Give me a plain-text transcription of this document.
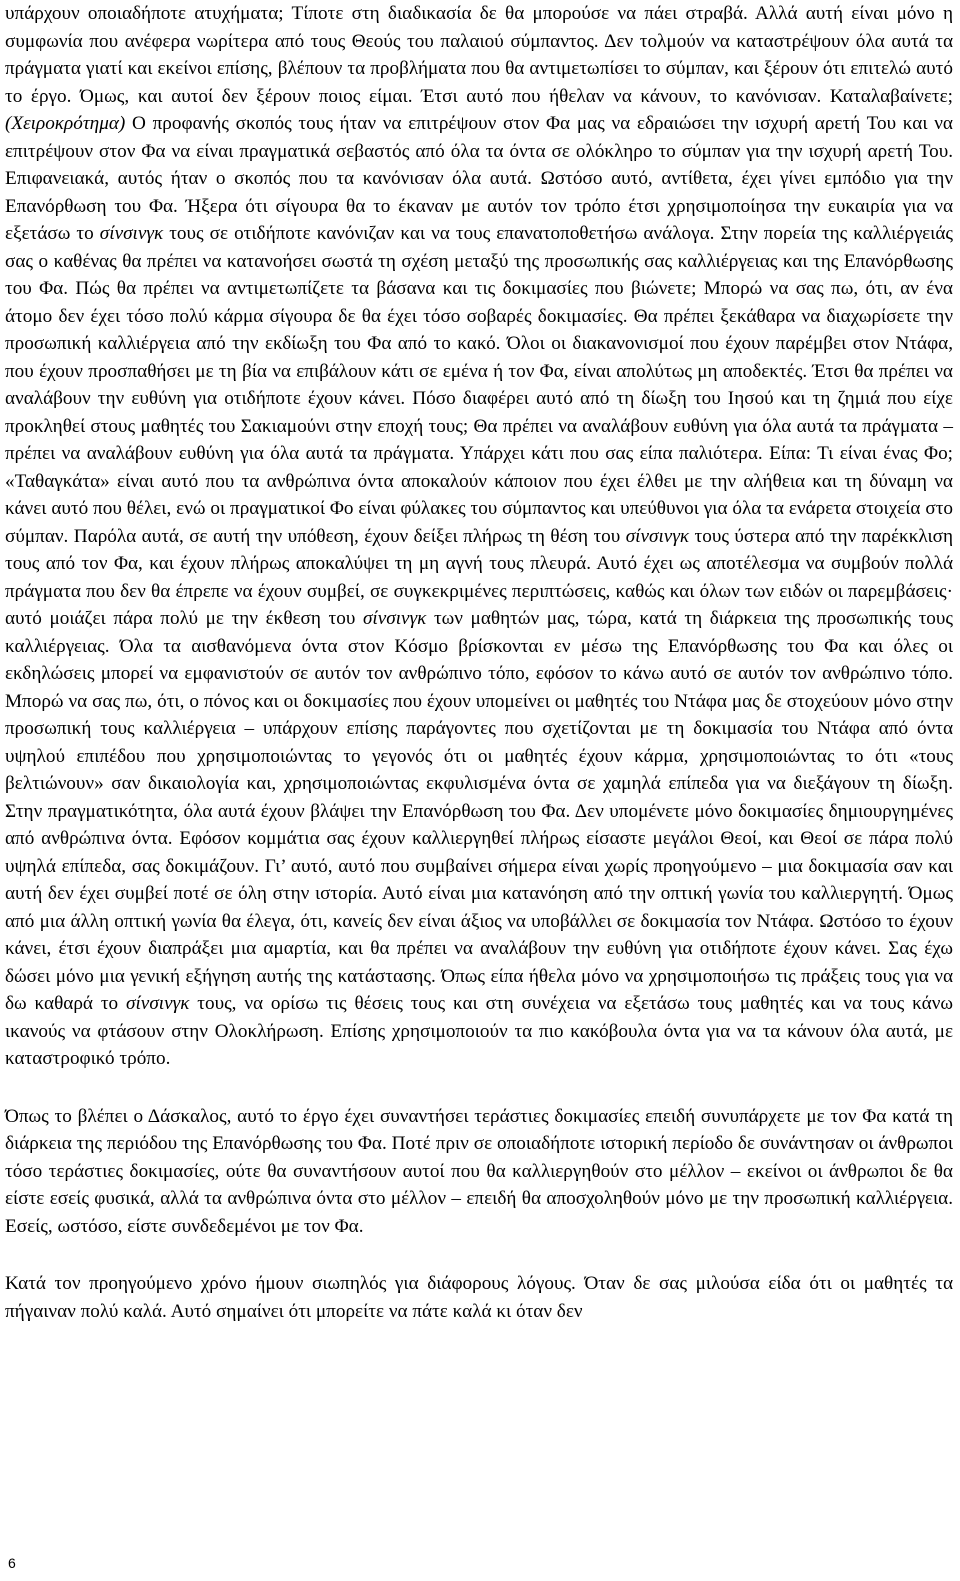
υπάρχουν οποιαδήποτε ατυχήματα; Τίποτε στη διαδικασία δε θα μπορούσε να πάει στραβά. Αλλά αυτή είναι μόνο η συμφωνία που ανέφερα νωρίτερα από τους Θεούς του παλαιού σύμπαντος. Δεν τολμούν να καταστρέψουν όλα αυτά τα πράγματα γιατί και εκείνοι επίσης, βλέπουν τα προβλήματα που θα αντιμετωπίσει το σύμπαν, και ξέρουν ότι επιτελώ αυτό το έργο. Όμως, και αυτοί δεν ξέρουν ποιος είμαι. Έτσι αυτό που ήθελαν να κάνουν, το κανόνισαν. Καταλαβαίνετε; (Χειροκρότημα) Ο προφανής σκοπός τους ήταν να επιτρέψουν στον Φα μας να εδραιώσει την ισχυρή αρετή Του και να επιτρέψουν στον Φα να είναι πραγματικά σεβαστός από όλα τα όντα σε ολόκληρο το σύμπαν για την ισχυρή αρετή Του. Επιφανειακά, αυτός ήταν ο σκοπός που τα κανόνισαν όλα αυτά. Ωστόσο αυτό, αντίθετα, έχει γίνει εμπόδιο για την Επανόρθωση του Φα. Ήξερα ότι σίγουρα θα το έκαναν με αυτόν τον τρόπο έτσι χρησιμοποίησα την ευκαιρία για να εξετάσω το σίνσινγκ τους σε οτιδήποτε κανόνιζαν και να τους επανατοποθετήσω ανάλογα. Στην πορεία της καλλιέργειάς σας ο καθένας θα πρέπει να κατανοήσει σωστά τη σχέση μεταξύ της προσωπικής σας καλλιέργειας και της Επανόρθωσης του Φα. Πώς θα πρέπει να αντιμετωπίζετε τα βάσανα και τις δοκιμασίες που βιώνετε; Μπορώ να σας πω, ότι, αν ένα άτομο δεν έχει τόσο πολύ κάρμα σίγουρα δε θα έχει τόσο σοβαρές δοκιμασίες. Θα πρέπει ξεκάθαρα να διαχωρίσετε την προσωπική καλλιέργεια από την εκδίωξη του Φα από το κακό. Όλοι οι διακανονισμοί που έχουν παρέμβει στον Ντάφα, που έχουν προσπαθήσει με τη βία να επιβάλουν κάτι σε εμένα ή τον Φα, είναι απολύτως μη αποδεκτές. Έτσι θα πρέπει να αναλάβουν την ευθύνη για οτιδήποτε έχουν κάνει. Πόσο διαφέρει αυτό από τη δίωξη του Ιησού και τη ζημιά που είχε προκληθεί στους μαθητές του Σακιαμούνι στην εποχή τους; Θα πρέπει να αναλάβουν ευθύνη για όλα αυτά τα πράγματα – πρέπει να αναλάβουν ευθύνη για όλα αυτά τα πράγματα. Υπάρχει κάτι που σας είπα παλιότερα. Είπα: Τι είναι ένας Φο; «Ταθαγκάτα» είναι αυτό που τα ανθρώπινα όντα αποκαλούν κάποιον που έχει έλθει με την αλήθεια και τη δύναμη να κάνει αυτό που θέλει, ενώ οι πραγματικοί Φο είναι φύλακες του σύμπαντος και υπεύθυνοι για όλα τα ενάρετα στοιχεία στο σύμπαν. Παρόλα αυτά, σε αυτή την υπόθεση, έχουν δείξει πλήρως τη θέση του σίνσινγκ τους ύστερα από την παρέκκλιση τους από τον Φα, και έχουν πλήρως αποκαλύψει τη μη αγνή τους πλευρά. Αυτό έχει ως αποτέλεσμα να συμβούν πολλά πράγματα που δεν θα έπρεπε να έχουν συμβεί, σε συγκεκριμένες περιπτώσεις, καθώς και όλων των ειδών οι παρεμβάσεις· αυτό μοιάζει πάρα πολύ με την έκθεση του σίνσινγκ των μαθητών μας, τώρα, κατά τη διάρκεια της προσωπικής τους καλλιέργειας. Όλα τα αισθανόμενα όντα στον Κόσμο βρίσκονται εν μέσω της Επανόρθωσης του Φα και όλες οι εκδηλώσεις μπορεί να εμφανιστούν σε αυτόν τον ανθρώπινο τόπο, εφόσον το κάνω αυτό σε αυτόν τον ανθρώπινο τόπο. Μπορώ να σας πω, ότι, ο πόνος και οι δοκιμασίες που έχουν υπομείνει οι μαθητές του Ντάφα μας δε στοχεύουν μόνο στην προσωπική τους καλλιέργεια – υπάρχουν επίσης παράγοντες που σχετίζονται με τη δοκιμασία του Ντάφα από όντα υψηλού επιπέδου που χρησιμοποιώντας το γεγονός ότι οι μαθητές έχουν κάρμα, χρησιμοποιώντας το ότι «τους βελτιώνουν» σαν δικαιολογία και, χρησιμοποιώντας εκφυλισμένα όντα σε χαμηλά επίπεδα για να διεξάγουν τη δίωξη. Στην πραγματικότητα, όλα αυτά έχουν βλάψει την Επανόρθωση του Φα. Δεν υπομένετε μόνο δοκιμασίες δημιουργημένες από ανθρώπινα όντα. Εφόσον κομμάτια σας έχουν καλλιεργηθεί πλήρως είσαστε μεγάλοι Θεοί, και Θεοί σε πάρα πολύ υψηλά επίπεδα, σας δοκιμάζουν. Γι’ αυτό, αυτό που συμβαίνει σήμερα είναι χωρίς προηγούμενο – μια δοκιμασία σαν και αυτή δεν έχει συμβεί ποτέ σε όλη στην ιστορία. Αυτό είναι μια κατανόηση από την οπτική γωνία του καλλιεργητή. Όμως από μια άλλη οπτική γωνία θα έλεγα, ότι, κανείς δεν είναι άξιος να υποβάλλει σε δοκιμασία τον Ντάφα. Ωστόσο το έχουν κάνει, έτσι έχουν διαπράξει μια αμαρτία, και θα πρέπει να αναλάβουν την ευθύνη για οτιδήποτε έχουν κάνει. Σας έχω δώσει μόνο μια γενική εξήγηση αυτής της κατάστασης. Όπως είπα ήθελα μόνο να χρησιμοποιήσω τις πράξεις τους για να δω καθαρά το σίνσινγκ τους, να ορίσω τις θέσεις τους και στη συνέχεια να εξετάσω τους μαθητές και να τους κάνω ικανούς να φτάσουν στην Ολοκλήρωση. Επίσης χρησιμοποιούν τα πιο κακόβουλα όντα για να τα κάνουν όλα αυτά, με καταστροφικό τρόπο.

Όπως το βλέπει ο Δάσκαλος, αυτό το έργο έχει συναντήσει τεράστιες δοκιμασίες επειδή συνυπάρχετε με τον Φα κατά τη διάρκεια της περιόδου της Επανόρθωσης του Φα. Ποτέ πριν σε οποιαδήποτε ιστορική περίοδο δε συνάντησαν οι άνθρωποι τόσο τεράστιες δοκιμασίες, ούτε θα συναντήσουν αυτοί που θα καλλιεργηθούν στο μέλλον – εκείνοι οι άνθρωποι δε θα είστε εσείς φυσικά, αλλά τα ανθρώπινα όντα στο μέλλον – επειδή θα αποσχοληθούν μόνο με την προσωπική καλλιέργεια. Εσείς, ωστόσο, είστε συνδεδεμένοι με τον Φα.

Κατά τον προηγούμενο χρόνο ήμουν σιωπηλός για διάφορους λόγους. Όταν δε σας μιλούσα είδα ότι οι μαθητές τα πήγαιναν πολύ καλά. Αυτό σημαίνει ότι μπορείτε να πάτε καλά κι όταν δεν

6
